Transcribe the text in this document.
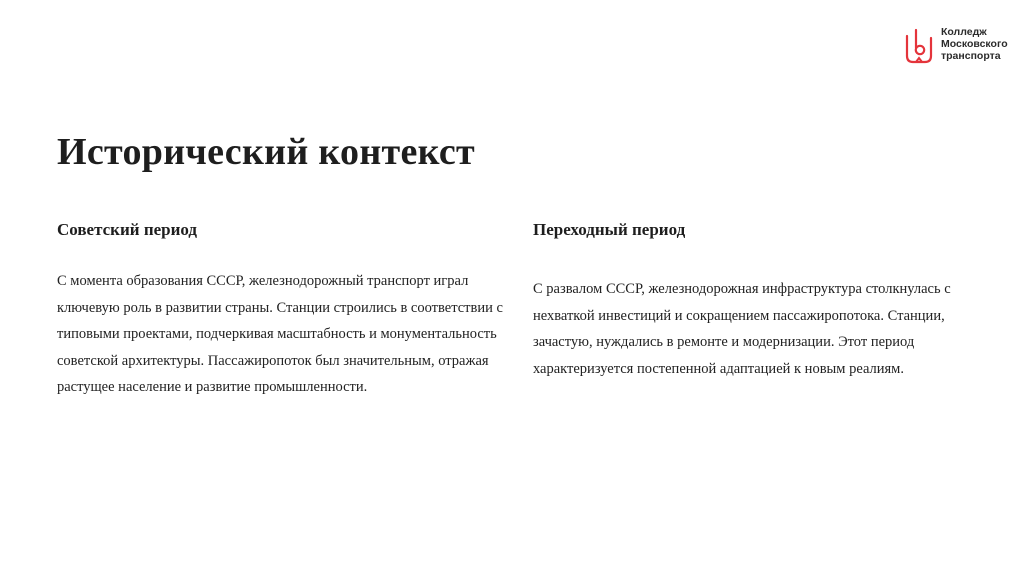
Колледж
Московского
транспорта
Исторический контекст
Советский период

С момента образования СССР, железнодорожный транспорт играл ключевую роль в развитии страны. Станции строились в соответствии с типовыми проектами, подчеркивая масштабность и монументальность советской архитектуры. Пассажиропоток был значительным, отражая растущее население и развитие промышленности.

Переходный период

С развалом СССР, железнодорожная инфраструктура столкнулась с нехваткой инвестиций и сокращением пассажиропотока. Станции, зачастую, нуждались в ремонте и модернизации. Этот период характеризуется постепенной адаптацией к новым реалиям.
